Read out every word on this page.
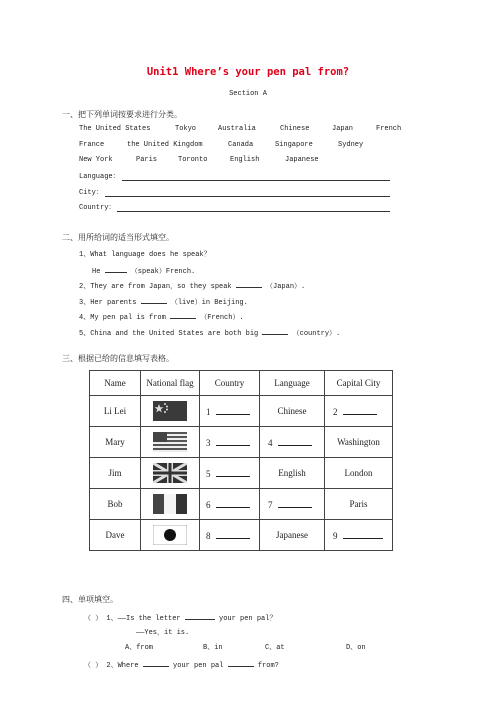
Unit1 Where’s your pen pal from?
Section A
一、把下列单词按要求进行分类。
The United States	Tokyo	Australia	Chinese	Japan	French
France	the United Kingdom	Canada	Singapore	Sydney
New York	Paris	Toronto	English	Japanese
Language：
City：
Country：
二、用所给词的适当形式填空。
1、What language does he speak？
He	（speak）French.
2、They are from Japan，so they speak	（Japan）.
3、Her parents	（live）in Beijing.
4、My pen pal is from	（French）.
5、China and the United States are both big	（country）.
三、根据已给的信息填写表格。
Name	National flag	Country	Language	Capital City
Li Lei		1	Chinese	2
Mary		3	4	Washington
Jim		5	English	London
Bob		6	7	Paris
Dave		8	Japanese	9
四、单项填空。
（ ） 1、——Is the letter	your pen pal？
——Yes，it is.
A、from	B、in	C、at	D、on
（ ） 2、Where	your pen pal	from?
